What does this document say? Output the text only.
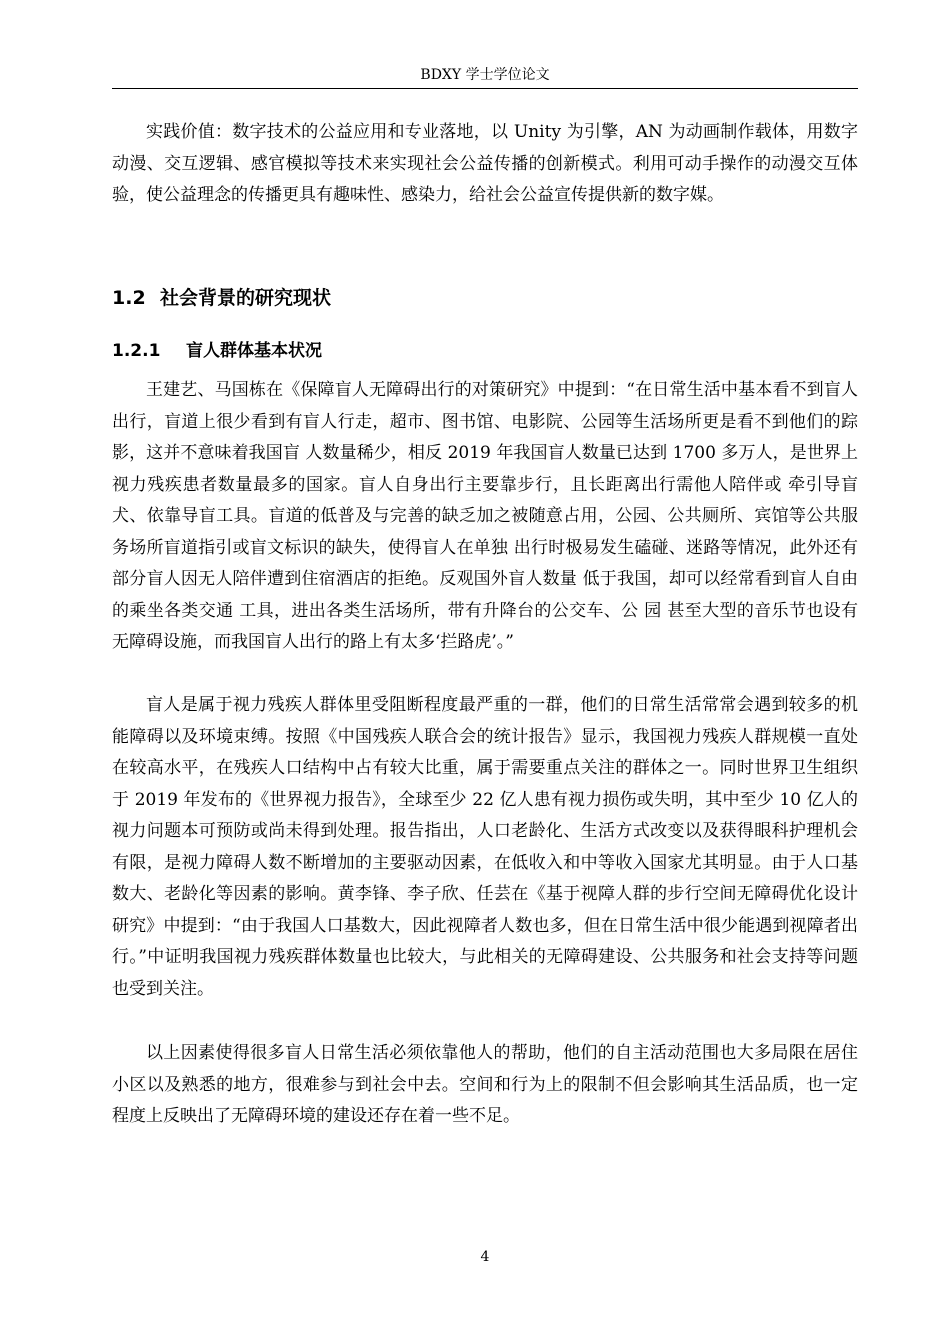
BDXY 学士学位论文

实践价值：数字技术的公益应用和专业落地，以 Unity 为引擎，AN 为动画制作载体，用数字动漫、交互逻辑、感官模拟等技术来实现社会公益传播的创新模式。利用可动手操作的动漫交互体验，使公益理念的传播更具有趣味性、感染力，给社会公益宣传提供新的数字媒。

1.2 社会背景的研究现状
1.2.1 盲人群体基本状况

王建艺、马国栋在《保障盲人无障碍出行的对策研究》中提到：“在日常生活中基本看不到盲人出行，盲道上很少看到有盲人行走，超市、图书馆、电影院、公园等生活场所更是看不到他们的踪影，这并不意味着我国盲 人数量稀少，相反 2019 年我国盲人数量已达到 1700 多万人，是世界上视力残疾患者数量最多的国家。盲人自身出行主要靠步行，且长距离出行需他人陪伴或 牵引导盲犬、依靠导盲工具。盲道的低普及与完善的缺乏加之被随意占用，公园、公共厕所、宾馆等公共服务场所盲道指引或盲文标识的缺失，使得盲人在单独 出行时极易发生磕碰、迷路等情况，此外还有部分盲人因无人陪伴遭到住宿酒店的拒绝。反观国外盲人数量 低于我国，却可以经常看到盲人自由的乘坐各类交通 工具，进出各类生活场所，带有升降台的公交车、公 园 甚至大型的音乐节也设有无障碍设施，而我国盲人出行的路上有太多‘拦路虎’。”

盲人是属于视力残疾人群体里受阻断程度最严重的一群，他们的日常生活常常会遇到较多的机能障碍以及环境束缚。按照《中国残疾人联合会的统计报告》显示，我国视力残疾人群规模一直处在较高水平，在残疾人口结构中占有较大比重，属于需要重点关注的群体之一。同时世界卫生组织于 2019 年发布的《世界视力报告》，全球至少 22 亿人患有视力损伤或失明，其中至少 10 亿人的视力问题本可预防或尚未得到处理。报告指出，人口老龄化、生活方式改变以及获得眼科护理机会有限，是视力障碍人数不断增加的主要驱动因素，在低收入和中等收入国家尤其明显。由于人口基数大、老龄化等因素的影响。黄李锋、李子欣、任芸在《基于视障人群的步行空间无障碍优化设计研究》中提到：“由于我国人口基数大，因此视障者人数也多，但在日常生活中很少能遇到视障者出行。”中证明我国视力残疾群体数量也比较大，与此相关的无障碍建设、公共服务和社会支持等问题也受到关注。

以上因素使得很多盲人日常生活必须依靠他人的帮助，他们的自主活动范围也大多局限在居住小区以及熟悉的地方，很难参与到社会中去。空间和行为上的限制不但会影响其生活品质，也一定程度上反映出了无障碍环境的建设还存在着一些不足。

4
